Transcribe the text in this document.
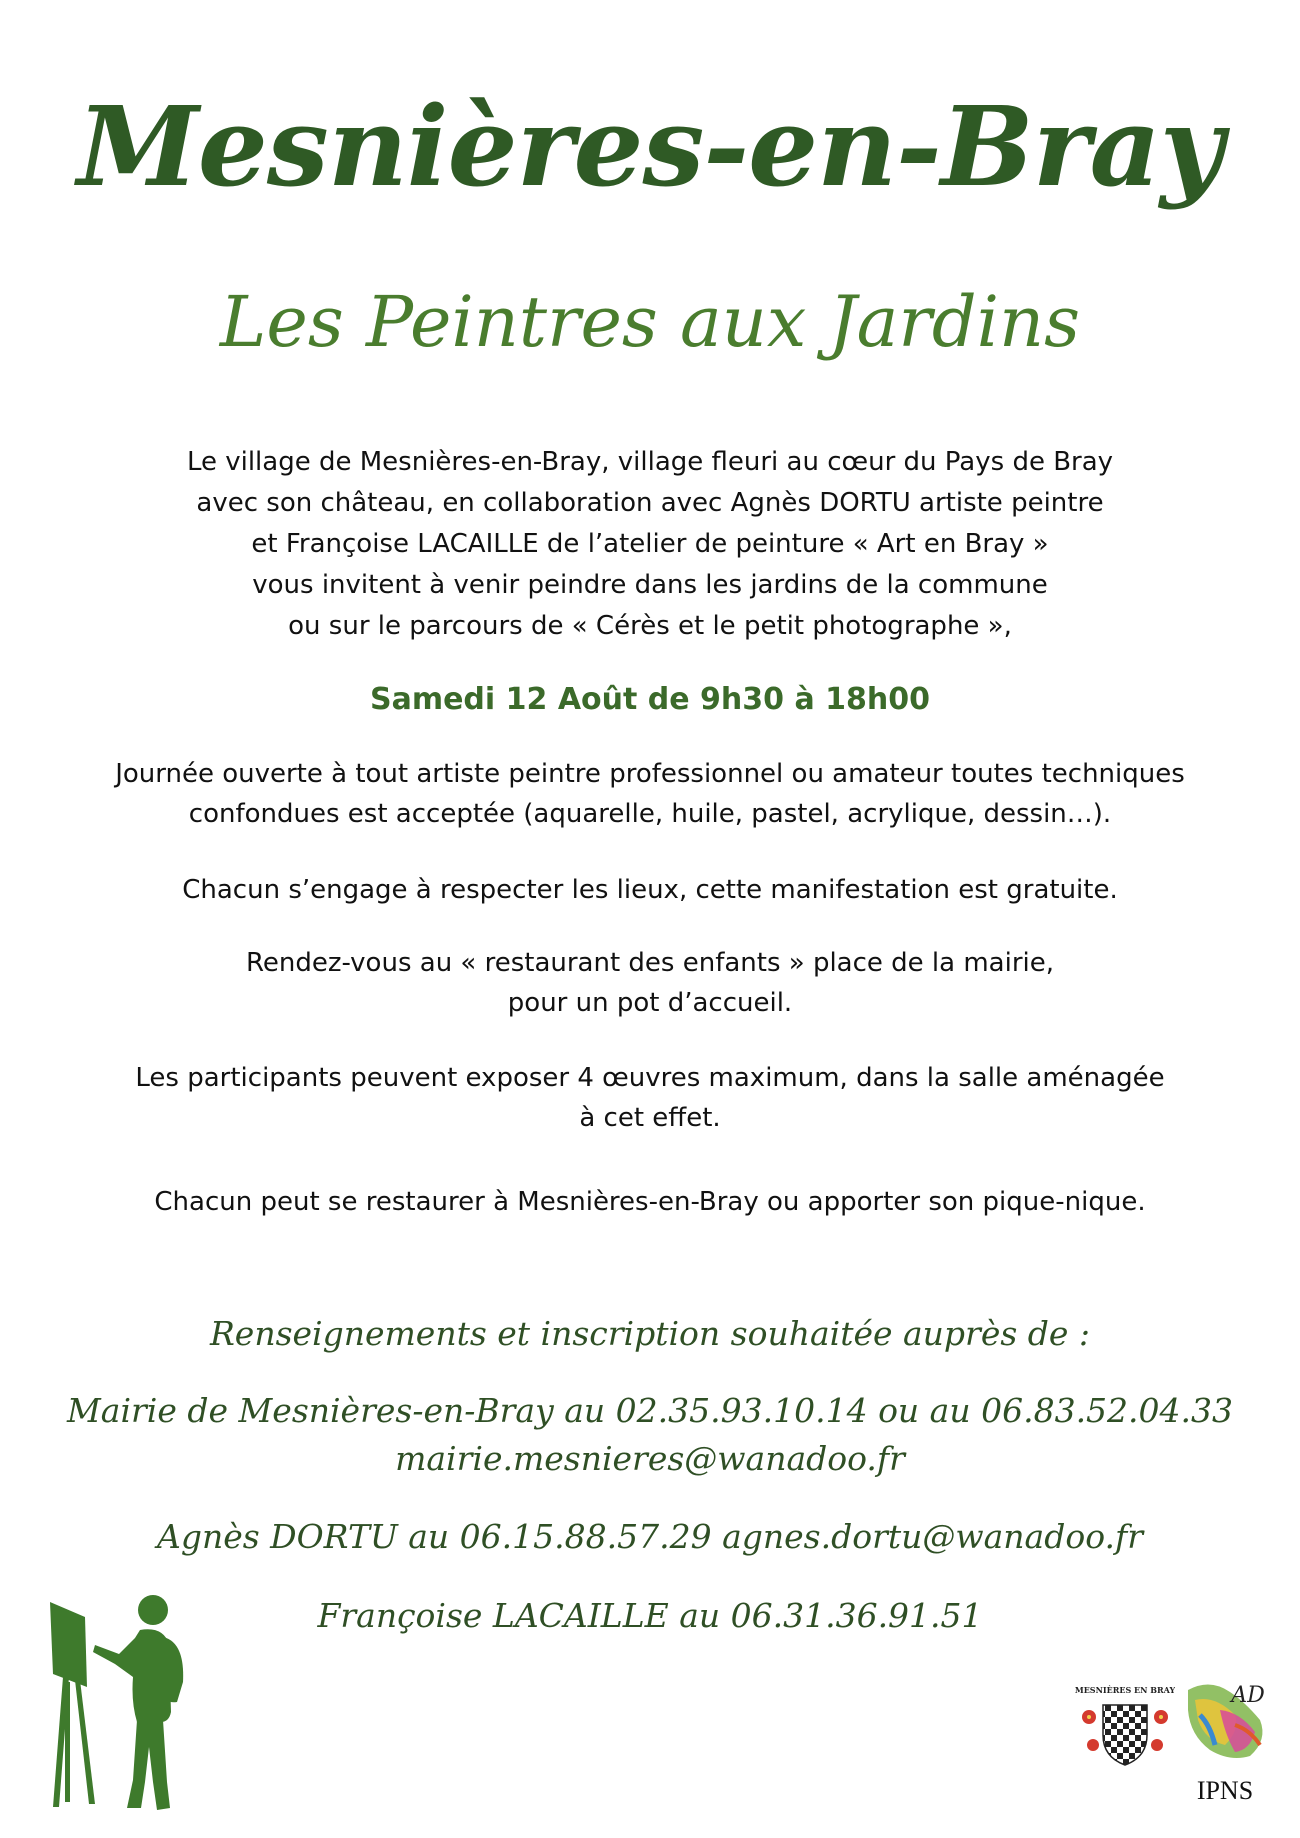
Mesnières-en-Bray
Les Peintres aux Jardins
Le village de Mesnières-en-Bray, village fleuri au cœur du Pays de Bray
avec son château, en collaboration avec Agnès DORTU artiste peintre
et Françoise LACAILLE de l’atelier de peinture « Art en Bray »
vous invitent à venir peindre dans les jardins de la commune
ou sur le parcours de « Cérès et le petit photographe »,
Samedi 12 Août de 9h30 à 18h00
Journée ouverte à tout artiste peintre professionnel ou amateur toutes techniques
confondues est acceptée (aquarelle, huile, pastel, acrylique, dessin…).
Chacun s’engage à respecter les lieux, cette manifestation est gratuite.
Rendez-vous au « restaurant des enfants » place de la mairie,
pour un pot d’accueil.
Les participants peuvent exposer 4 œuvres maximum, dans la salle aménagée
à cet effet.
Chacun peut se restaurer à Mesnières-en-Bray ou apporter son pique-nique.
Renseignements et inscription souhaitée auprès de :
Mairie de Mesnières-en-Bray au 02.35.93.10.14 ou au 06.83.52.04.33
mairie.mesnieres@wanadoo.fr
Agnès DORTU au 06.15.88.57.29 agnes.dortu@wanadoo.fr
Françoise LACAILLE au 06.31.36.91.51
MESNIÈRES EN BRAY	AD
IPNS
